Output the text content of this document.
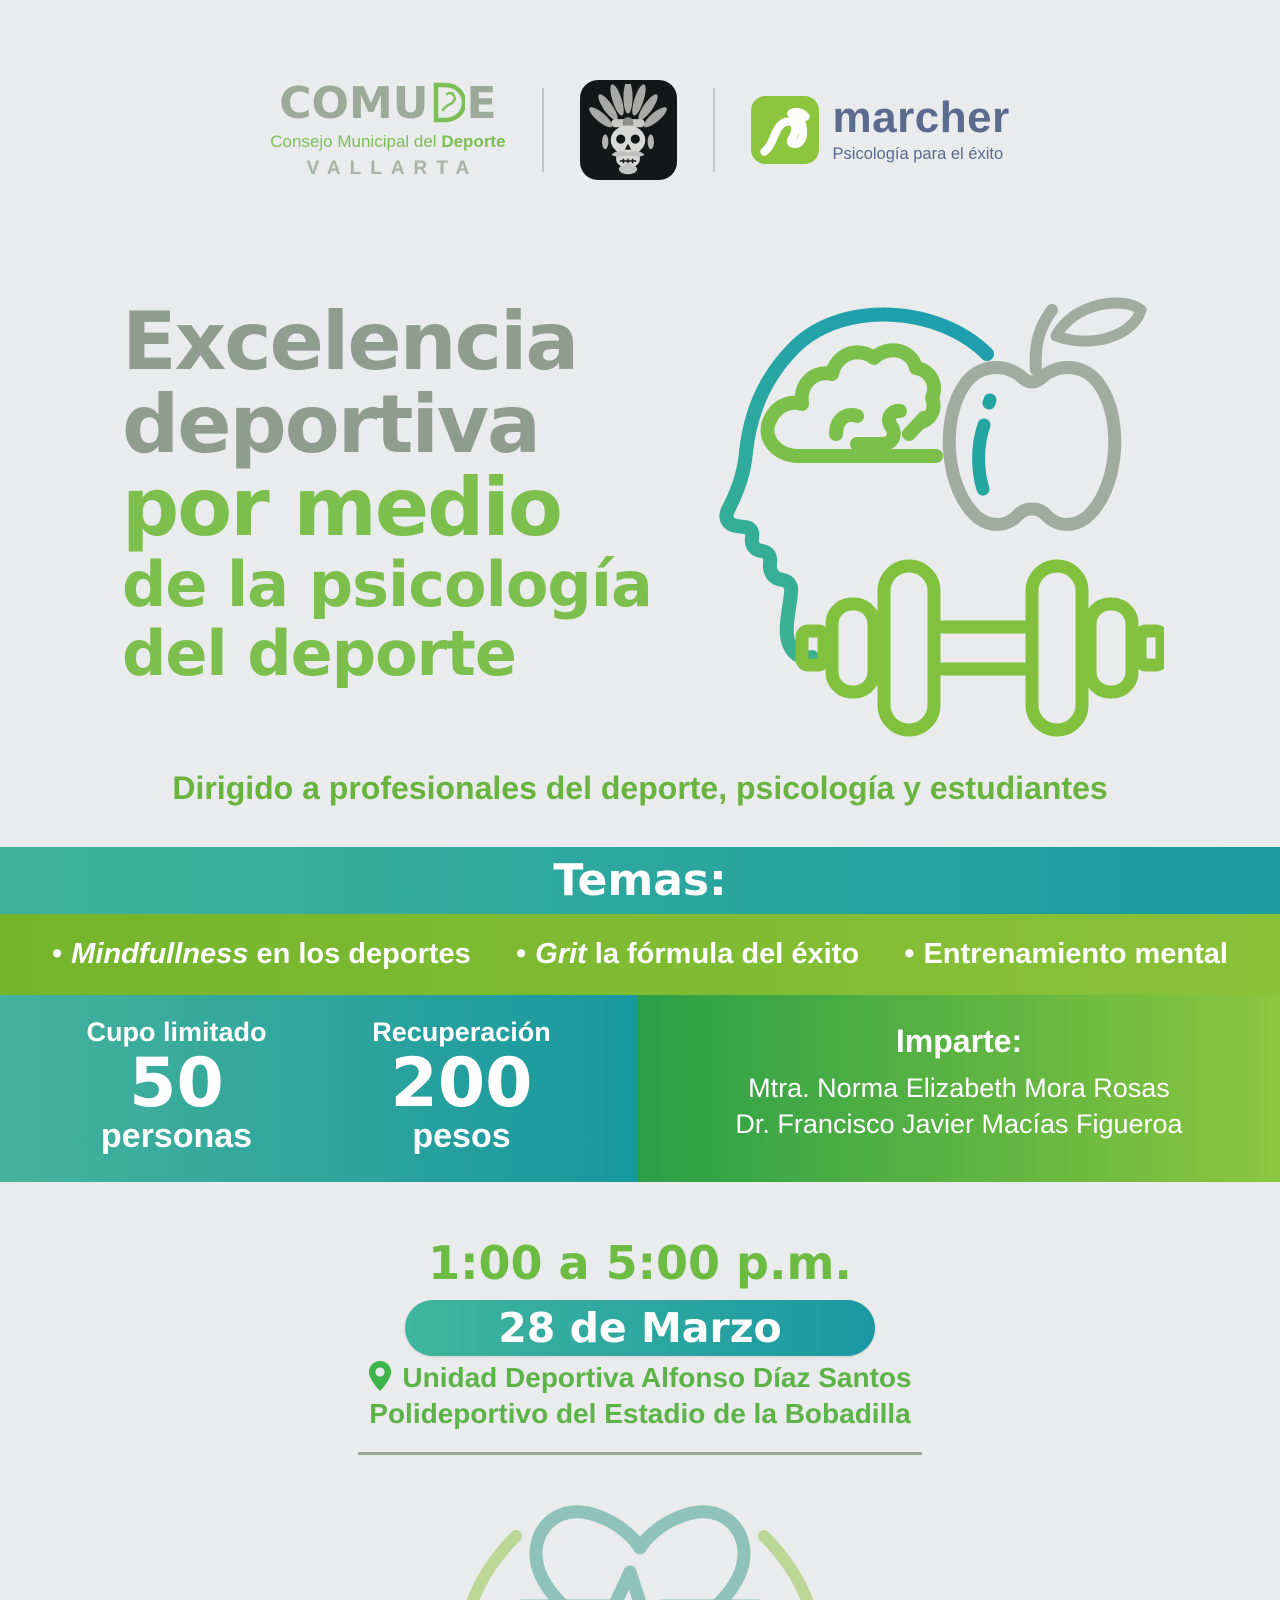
COMU E
Consejo Municipal del Deporte
VALLARTA
marcher
Psicología para el éxito
Excelencia
deportiva
por medio
de la psicología
del deporte
Dirigido a profesionales del deporte, psicología y estudiantes
Temas:
• Mindfullness en los deportes • Grit la fórmula del éxito • Entrenamiento mental
Cupo limitado
50
personas
Recuperación
200
pesos
Imparte:
Mtra. Norma Elizabeth Mora Rosas
Dr. Francisco Javier Macías Figueroa
1:00 a 5:00 p.m.
28 de Marzo
Unidad Deportiva Alfonso Díaz Santos
Polideportivo del Estadio de la Bobadilla
